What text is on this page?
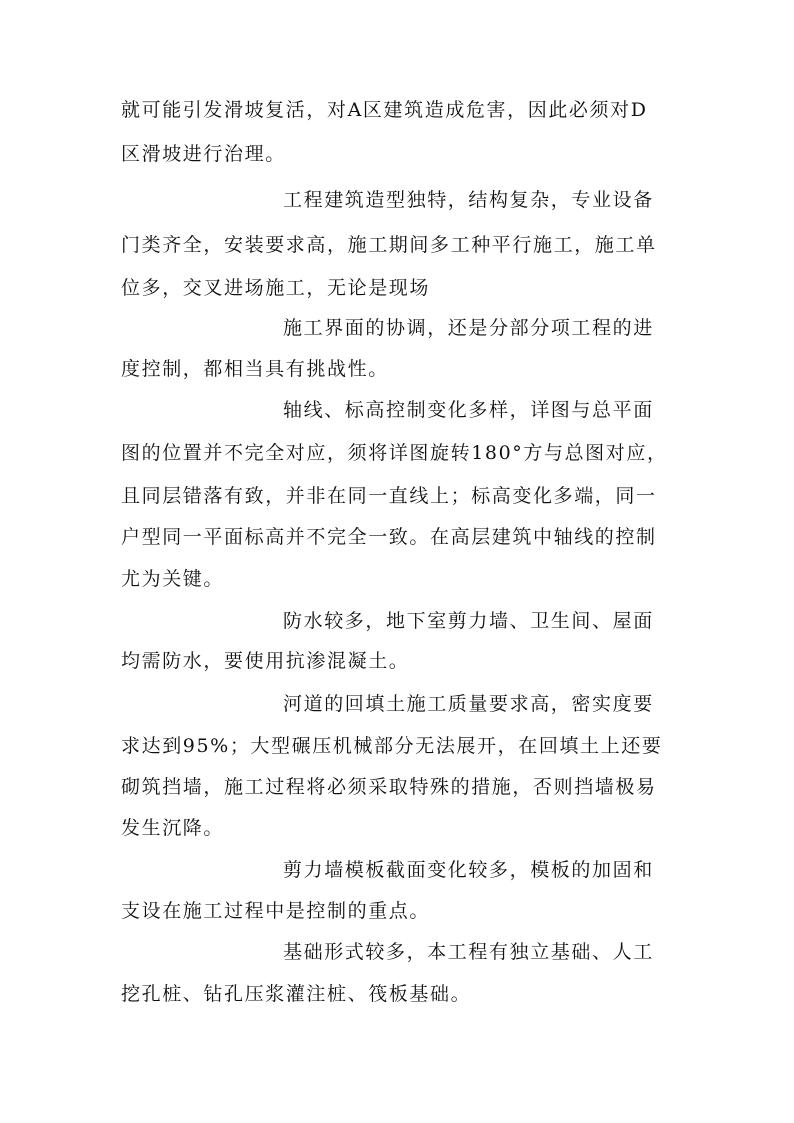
就可能引发滑坡复活，对A区建筑造成危害，因此必须对D
区滑坡进行治理。
工程建筑造型独特，结构复杂，专业设备
门类齐全，安装要求高，施工期间多工种平行施工，施工单
位多，交叉进场施工，无论是现场
施工界面的协调，还是分部分项工程的进
度控制，都相当具有挑战性。
轴线、标高控制变化多样，详图与总平面
图的位置并不完全对应，须将详图旋转180°方与总图对应，
且同层错落有致，并非在同一直线上；标高变化多端，同一
户型同一平面标高并不完全一致。在高层建筑中轴线的控制
尤为关键。
防水较多，地下室剪力墙、卫生间、屋面
均需防水，要使用抗渗混凝土。
河道的回填土施工质量要求高，密实度要
求达到95%；大型碾压机械部分无法展开，在回填土上还要
砌筑挡墙，施工过程将必须采取特殊的措施，否则挡墙极易
发生沉降。
剪力墙模板截面变化较多，模板的加固和
支设在施工过程中是控制的重点。
基础形式较多，本工程有独立基础、人工
挖孔桩、钻孔压浆灌注桩、筏板基础。
